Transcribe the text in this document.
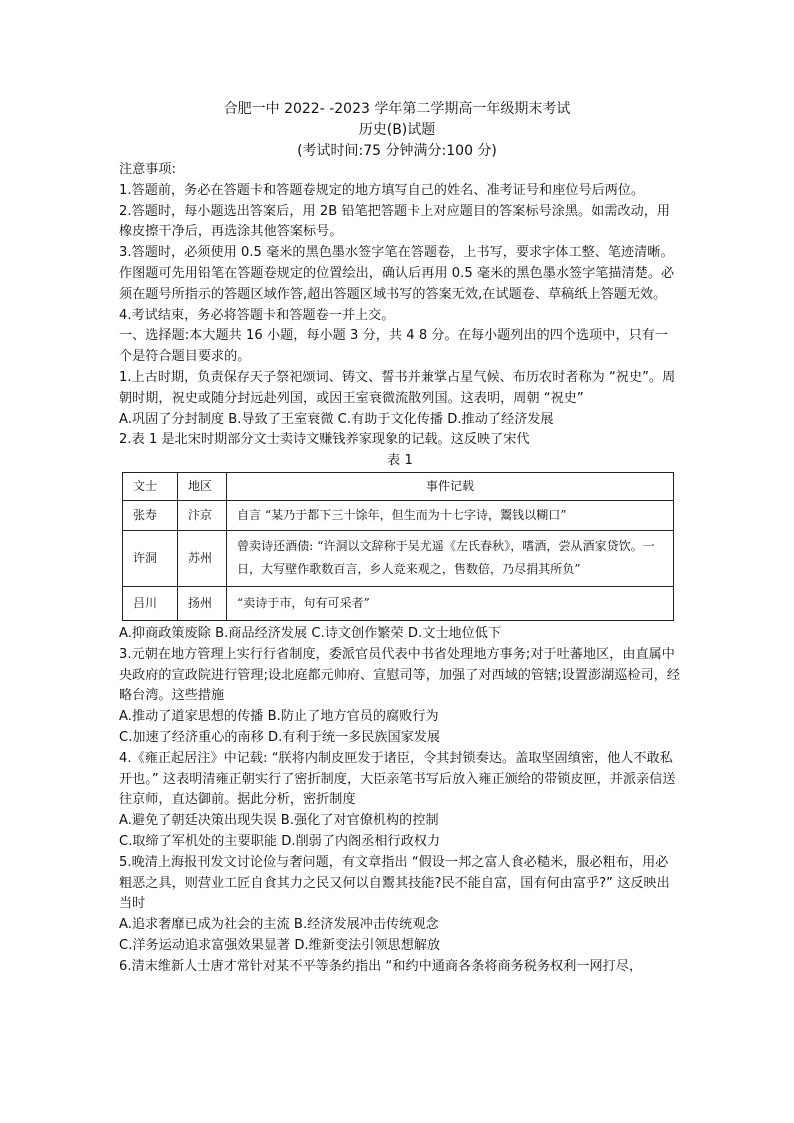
合肥一中 2022- -2023 学年第二学期高一年级期末考试
历史(B)试题
(考试时间:75 分钟满分:100 分)

注意事项:

1.答题前，务必在答题卡和答题卷规定的地方填写自己的姓名、准考证号和座位号后两位。

2.答题时，每小题选出答案后，用 2B 铅笔把答题卡上对应题目的答案标号涂黑。如需改动，用橡皮擦干净后，再选涂其他答案标号。

3.答题时，必须使用 0.5 毫米的黑色墨水签字笔在答题卷，上书写，要求字体工整、笔迹清晰。作图题可先用铅笔在答题卷规定的位置绘出，确认后再用 0.5 毫米的黑色墨水签字笔描清楚。必须在题号所指示的答题区域作答,超出答题区域书写的答案无效,在试题卷、草稿纸上答题无效。

4.考试结束，务必将答题卡和答题卷一并上交。

一、选择题:本大题共 16 小题，每小题 3 分，共 4 8 分。在每小题列出的四个选项中，只有一个是符合题目要求的。

1.上古时期，负责保存天子祭祀颂词、铸文、誓书并兼掌占星气候、布历农时者称为 “祝史”。周朝时期，祝史或随分封远赴列国，或因王室衰微流散列国。这表明，周朝 “祝史”

A.巩固了分封制度 B.导致了王室衰微 C.有助于文化传播 D.推动了经济发展

2.表 1 是北宋时期部分文士卖诗文赚钱养家现象的记载。这反映了宋代

表 1

文士	地区	事件记载
张寿	汴京	自言 “某乃于都下三十馀年，但生而为十七字诗，鬻钱以糊口”
许洞	苏州	曾卖诗还酒债: “许洞以文辞称于吴尤遥《左氏春秋》，嗜酒，尝从酒家贷饮。一日，大写壁作歌数百言，乡人竞来观之，售数倍，乃尽捐其所负”
吕川	扬州	“卖诗于市，句有可采者”

A.抑商政策废除 B.商品经济发展 C.诗文创作繁荣 D.文士地位低下

3.元朝在地方管理上实行行省制度，委派官员代表中书省处理地方事务;对于吐蕃地区，由直属中央政府的宣政院进行管理;设北庭都元帅府、宣慰司等，加强了对西域的管辖;设置澎湖巡检司，经略台湾。这些措施

A.推动了道家思想的传播 B.防止了地方官员的腐败行为

C.加速了经济重心的南移 D.有利于统一多民族国家发展

4.《雍正起居注》中记载: “朕将内制皮匣发于诸臣，令其封锁奏达。盖取坚固缜密，他人不敢私开也。” 这表明清雍正朝实行了密折制度，大臣亲笔书写后放入雍正颁给的带锁皮匣，并派亲信送往京师，直达御前。据此分析，密折制度

A.避免了朝廷决策出现失误 B.强化了对官僚机构的控制

C.取缔了军机处的主要职能 D.削弱了内阁丞相行政权力

5.晚清上海报刊发文讨论俭与奢问题，有文章指出 “假设一邦之富人食必糙米，服必粗布，用必粗恶之具，则营业工匠自食其力之民又何以自鬻其技能?民不能自富，国有何由富乎?” 这反映出当时

A.追求奢靡已成为社会的主流 B.经济发展冲击传统观念

C.洋务运动追求富强效果显著 D.维新变法引领思想解放

6.清末维新人士唐才常针对某不平等条约指出 “和约中通商各条将商务税务权利一网打尽，
